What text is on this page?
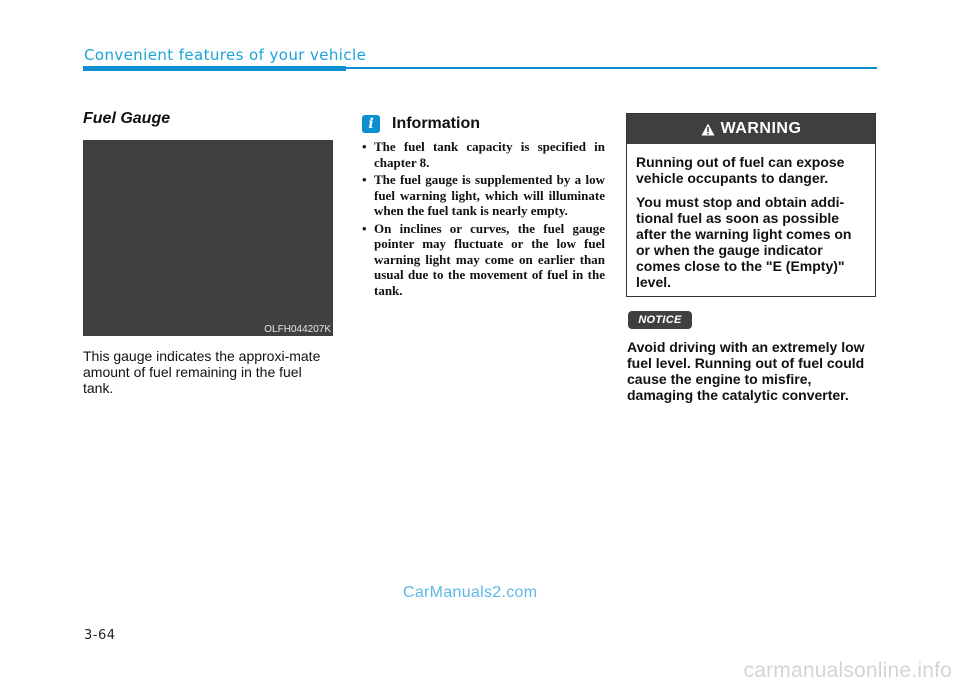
Convenient features of your vehicle
Fuel Gauge
OLFH044207K
This gauge indicates the approxi-mate amount of fuel remaining in the fuel tank.
i	Information
• The fuel tank capacity is specified in chapter 8.
• The fuel gauge is supplemented by a low fuel warning light, which will illuminate when the fuel tank is nearly empty.
• On inclines or curves, the fuel gauge pointer may fluctuate or the low fuel warning light may come on earlier than usual due to the movement of fuel in the tank.
WARNING

Running out of fuel can expose vehicle occupants to danger.

You must stop and obtain addi-tional fuel as soon as possible after the warning light comes on or when the gauge indicator comes close to the "E (Empty)" level.

NOTICE
Avoid driving with an extremely low fuel level. Running out of fuel could cause the engine to misfire, damaging the catalytic converter.
CarManuals2.com
3-64
carmanualsonline.info
